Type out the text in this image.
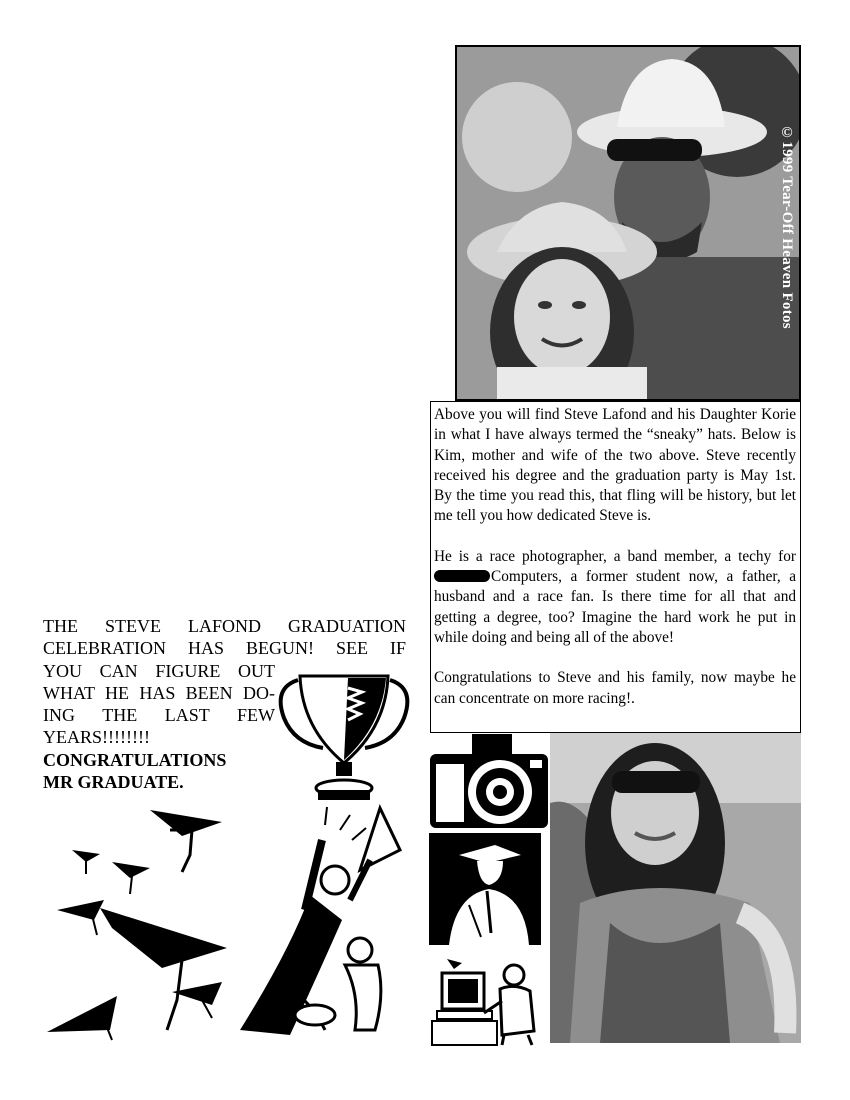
©1999 Tear-Off Heaven Fotos

Above you will find Steve Lafond and his Daughter Korie in what I have always termed the “sneaky” hats. Below is Kim, mother and wife of the two above. Steve recently received his degree and the graduation party is May 1st. By the time you read this, that fling will be history, but let me tell you how dedicated Steve is.

He is a race photographer, a band member, a techy for Computers, a former student now, a father, a husband and a race fan. Is there time for all that and getting a degree, too? Imagine the hard work he put in while doing and being all of the above!

Congratulations to Steve and his family, now maybe he can concentrate on more racing!.

THE STEVE LAFOND GRADUATION
CELEBRATION HAS BEGUN! SEE IF
YOU CAN FIGURE OUT
WHAT HE HAS BEEN DO-
ING THE LAST FEW
YEARS!!!!!!!!
CONGRATULATIONS
MR GRADUATE.
